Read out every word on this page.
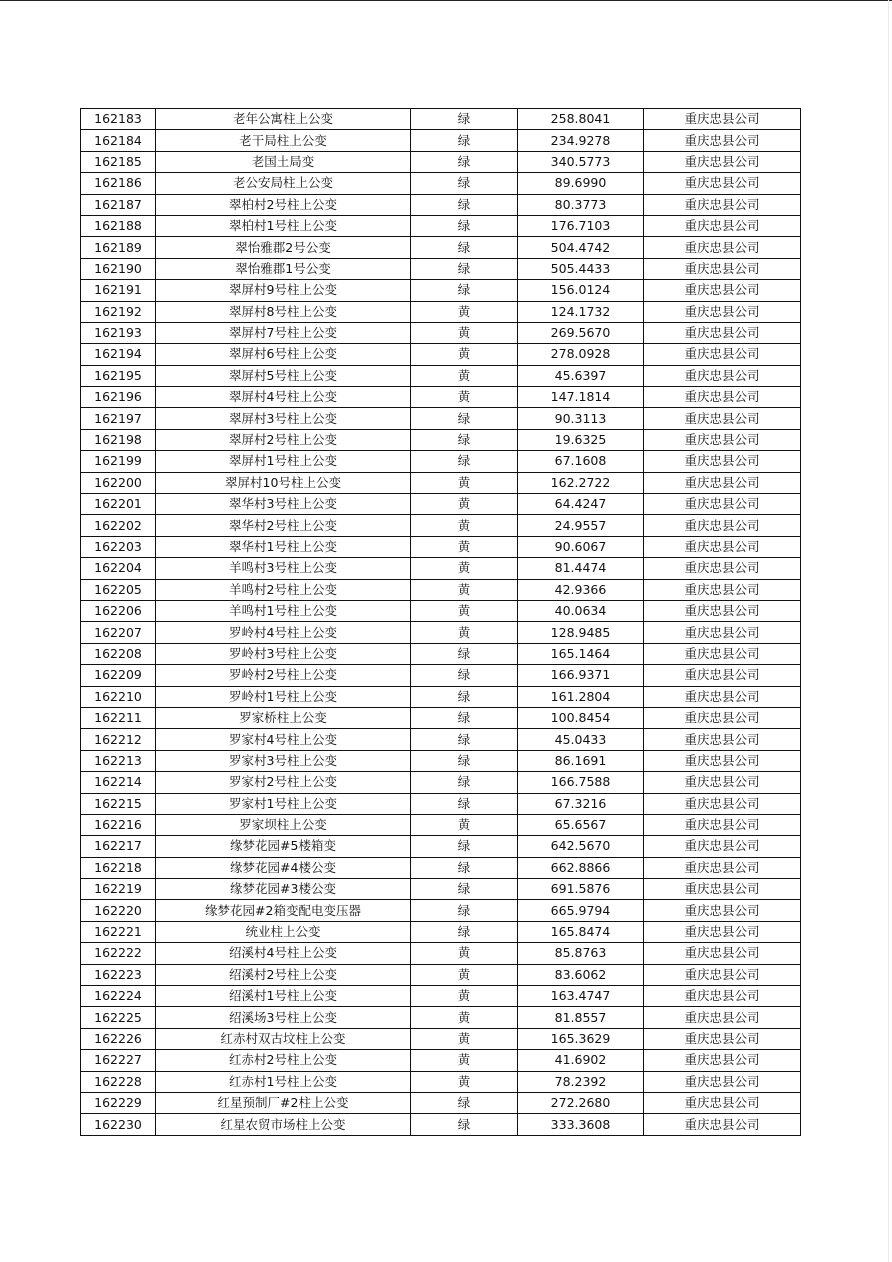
162183	老年公寓柱上公变	绿	258.8041	重庆忠县公司
162184	老干局柱上公变	绿	234.9278	重庆忠县公司
162185	老国土局变	绿	340.5773	重庆忠县公司
162186	老公安局柱上公变	绿	89.6990	重庆忠县公司
162187	翠柏村2号柱上公变	绿	80.3773	重庆忠县公司
162188	翠柏村1号柱上公变	绿	176.7103	重庆忠县公司
162189	翠怡雅郡2号公变	绿	504.4742	重庆忠县公司
162190	翠怡雅郡1号公变	绿	505.4433	重庆忠县公司
162191	翠屏村9号柱上公变	绿	156.0124	重庆忠县公司
162192	翠屏村8号柱上公变	黄	124.1732	重庆忠县公司
162193	翠屏村7号柱上公变	黄	269.5670	重庆忠县公司
162194	翠屏村6号柱上公变	黄	278.0928	重庆忠县公司
162195	翠屏村5号柱上公变	黄	45.6397	重庆忠县公司
162196	翠屏村4号柱上公变	黄	147.1814	重庆忠县公司
162197	翠屏村3号柱上公变	绿	90.3113	重庆忠县公司
162198	翠屏村2号柱上公变	绿	19.6325	重庆忠县公司
162199	翠屏村1号柱上公变	绿	67.1608	重庆忠县公司
162200	翠屏村10号柱上公变	黄	162.2722	重庆忠县公司
162201	翠华村3号柱上公变	黄	64.4247	重庆忠县公司
162202	翠华村2号柱上公变	黄	24.9557	重庆忠县公司
162203	翠华村1号柱上公变	黄	90.6067	重庆忠县公司
162204	羊鸣村3号柱上公变	黄	81.4474	重庆忠县公司
162205	羊鸣村2号柱上公变	黄	42.9366	重庆忠县公司
162206	羊鸣村1号柱上公变	黄	40.0634	重庆忠县公司
162207	罗岭村4号柱上公变	黄	128.9485	重庆忠县公司
162208	罗岭村3号柱上公变	绿	165.1464	重庆忠县公司
162209	罗岭村2号柱上公变	绿	166.9371	重庆忠县公司
162210	罗岭村1号柱上公变	绿	161.2804	重庆忠县公司
162211	罗家桥柱上公变	绿	100.8454	重庆忠县公司
162212	罗家村4号柱上公变	绿	45.0433	重庆忠县公司
162213	罗家村3号柱上公变	绿	86.1691	重庆忠县公司
162214	罗家村2号柱上公变	绿	166.7588	重庆忠县公司
162215	罗家村1号柱上公变	绿	67.3216	重庆忠县公司
162216	罗家坝柱上公变	黄	65.6567	重庆忠县公司
162217	缘梦花园#5楼箱变	绿	642.5670	重庆忠县公司
162218	缘梦花园#4楼公变	绿	662.8866	重庆忠县公司
162219	缘梦花园#3楼公变	绿	691.5876	重庆忠县公司
162220	缘梦花园#2箱变配电变压器	绿	665.9794	重庆忠县公司
162221	统业柱上公变	绿	165.8474	重庆忠县公司
162222	绍溪村4号柱上公变	黄	85.8763	重庆忠县公司
162223	绍溪村2号柱上公变	黄	83.6062	重庆忠县公司
162224	绍溪村1号柱上公变	黄	163.4747	重庆忠县公司
162225	绍溪场3号柱上公变	黄	81.8557	重庆忠县公司
162226	红赤村双古坟柱上公变	黄	165.3629	重庆忠县公司
162227	红赤村2号柱上公变	黄	41.6902	重庆忠县公司
162228	红赤村1号柱上公变	黄	78.2392	重庆忠县公司
162229	红星预制厂#2柱上公变	绿	272.2680	重庆忠县公司
162230	红星农贸市场柱上公变	绿	333.3608	重庆忠县公司
